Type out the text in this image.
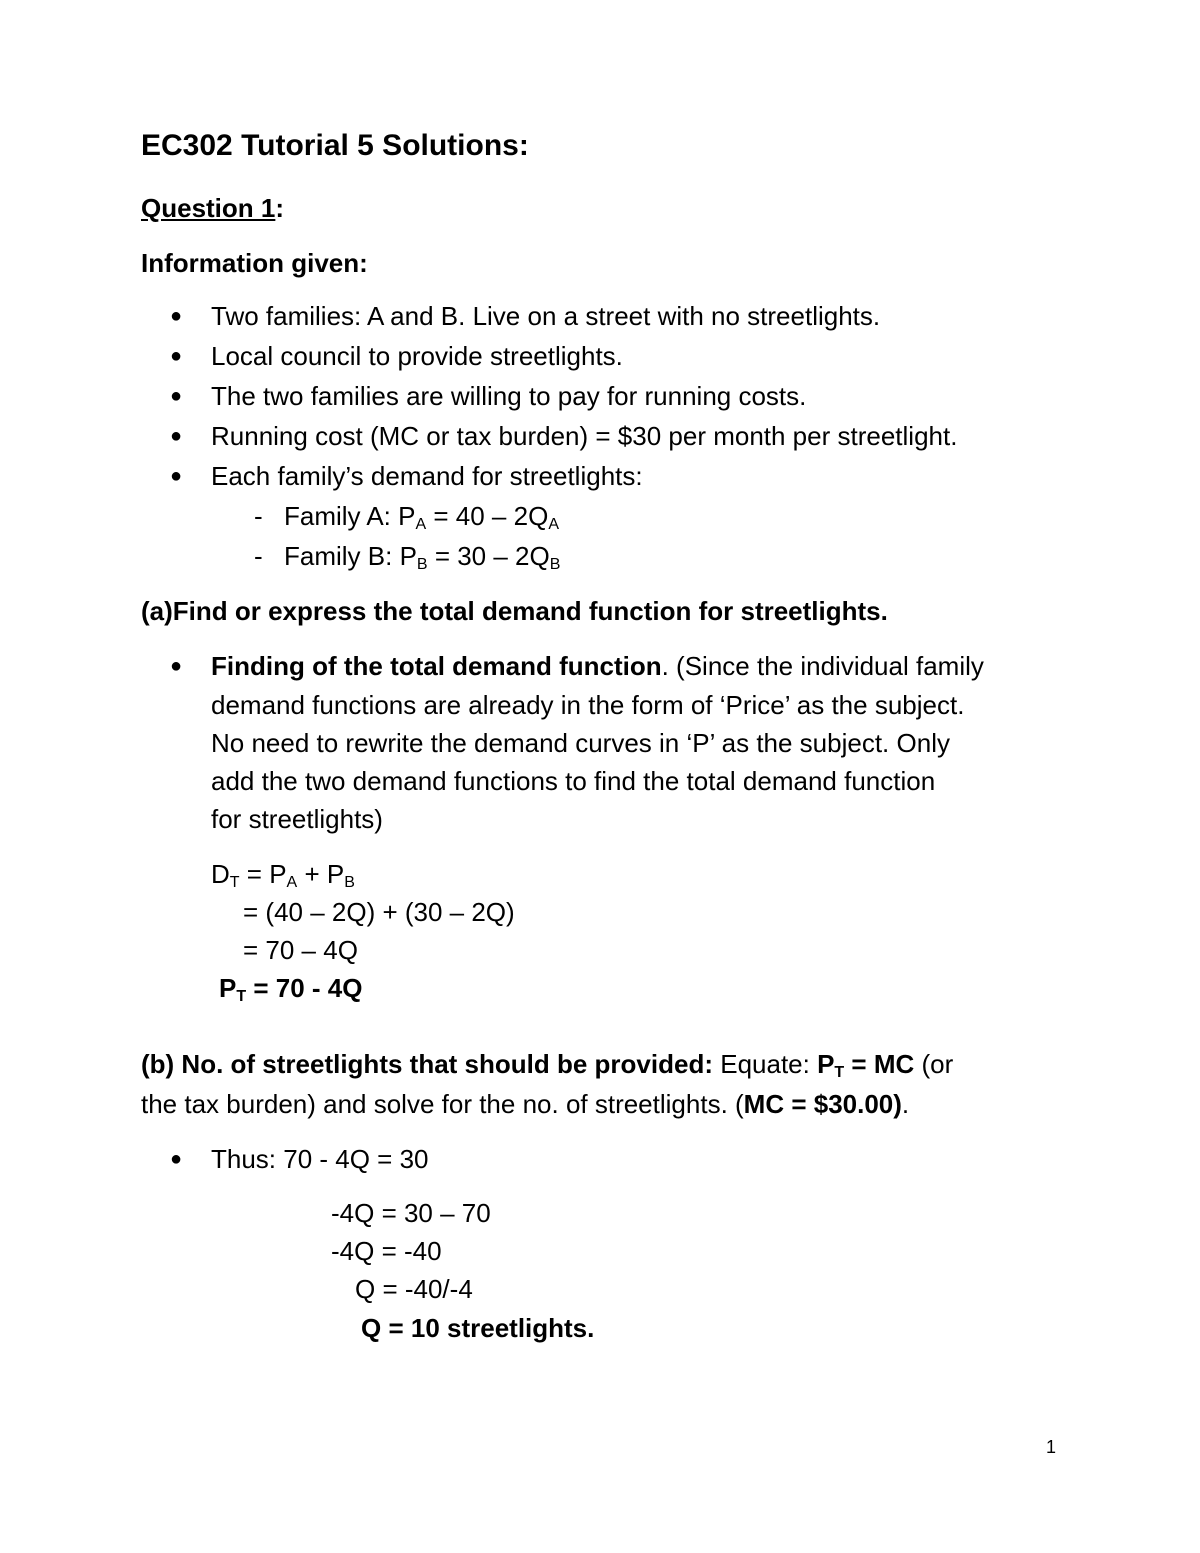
EC302 Tutorial 5 Solutions:
Question 1:
Information given:
● Two families: A and B. Live on a street with no streetlights.
● Local council to provide streetlights.
● The two families are willing to pay for running costs.
● Running cost (MC or tax burden) = $30 per month per streetlight.
● Each family’s demand for streetlights:
- Family A: $P_A = 40 - 2Q_A$
- Family B: $P_B = 30 - 2Q_B$
(a)Find or express the total demand function for streetlights.
● Finding of the total demand function. (Since the individual family
demand functions are already in the form of ‘Price’ as the subject.
No need to rewrite the demand curves in ‘P’ as the subject. Only
add the two demand functions to find the total demand function
for streetlights)
$D_T = P_A + P_B$
= (40 – 2Q) + (30 – 2Q)
= 70 – 4Q
$P_T = 70 - 4Q$
(b) No. of streetlights that should be provided: Equate: $P_T$ = MC (or
the tax burden) and solve for the no. of streetlights. (MC = $30.00).
● Thus: 70 - 4Q = 30
-4Q = 30 – 70
-4Q = -40
Q = -40/-4
Q = 10 streetlights.
1
